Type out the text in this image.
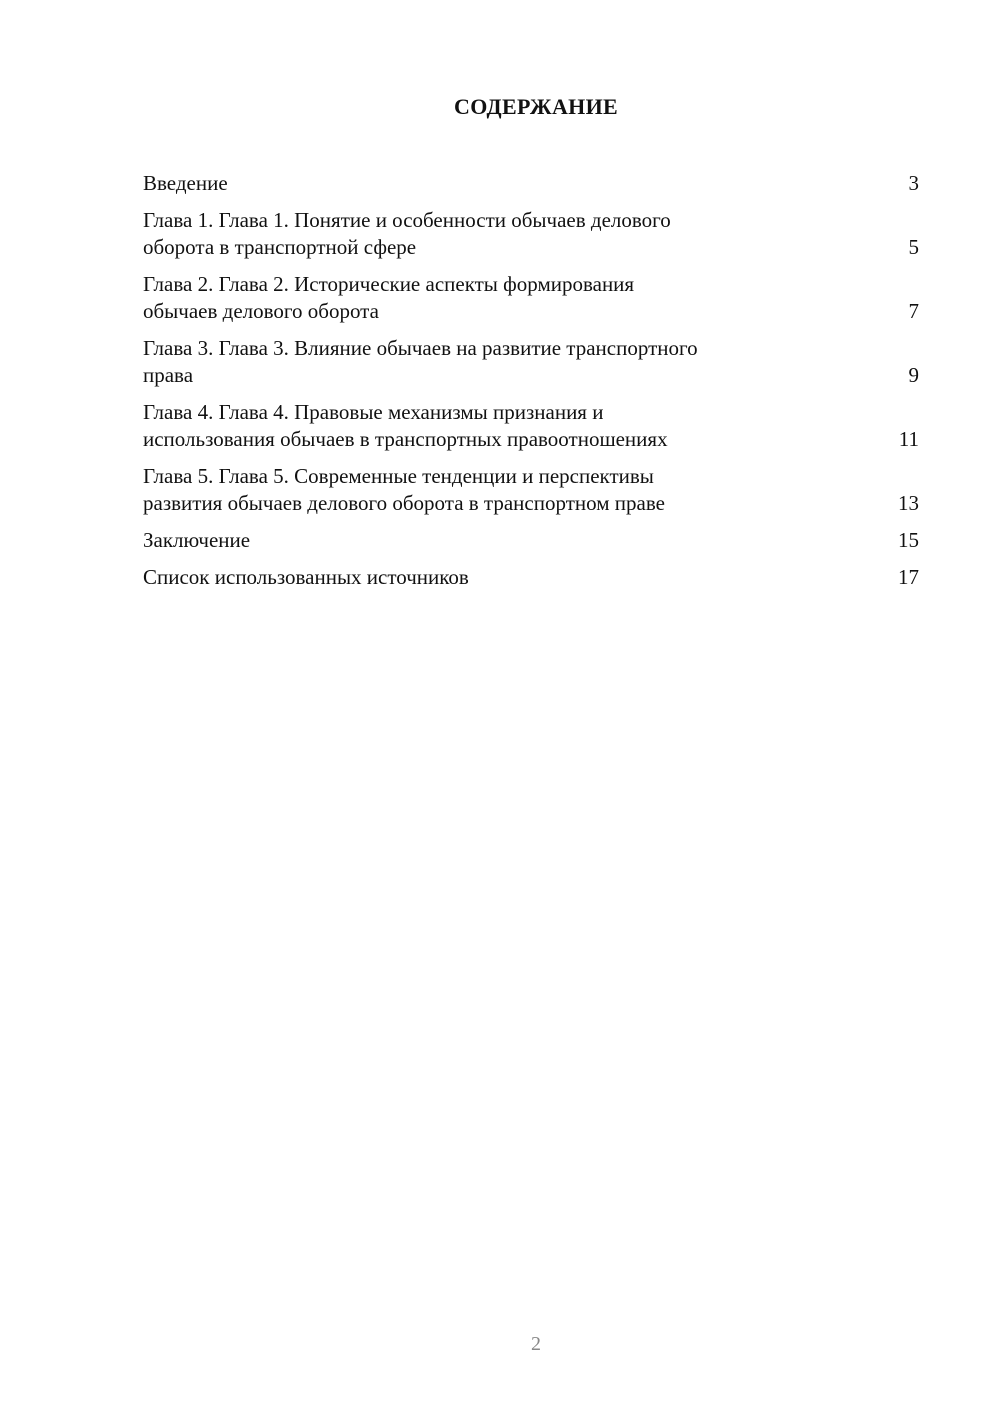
СОДЕРЖАНИЕ
Введение	3
Глава 1. Глава 1. Понятие и особенности обычаев делового
оборота в транспортной сфере	5
Глава 2. Глава 2. Исторические аспекты формирования
обычаев делового оборота	7
Глава 3. Глава 3. Влияние обычаев на развитие транспортного
права	9
Глава 4. Глава 4. Правовые механизмы признания и
использования обычаев в транспортных правоотношениях	11
Глава 5. Глава 5. Современные тенденции и перспективы
развития обычаев делового оборота в транспортном праве	13
Заключение	15
Список использованных источников	17
2
